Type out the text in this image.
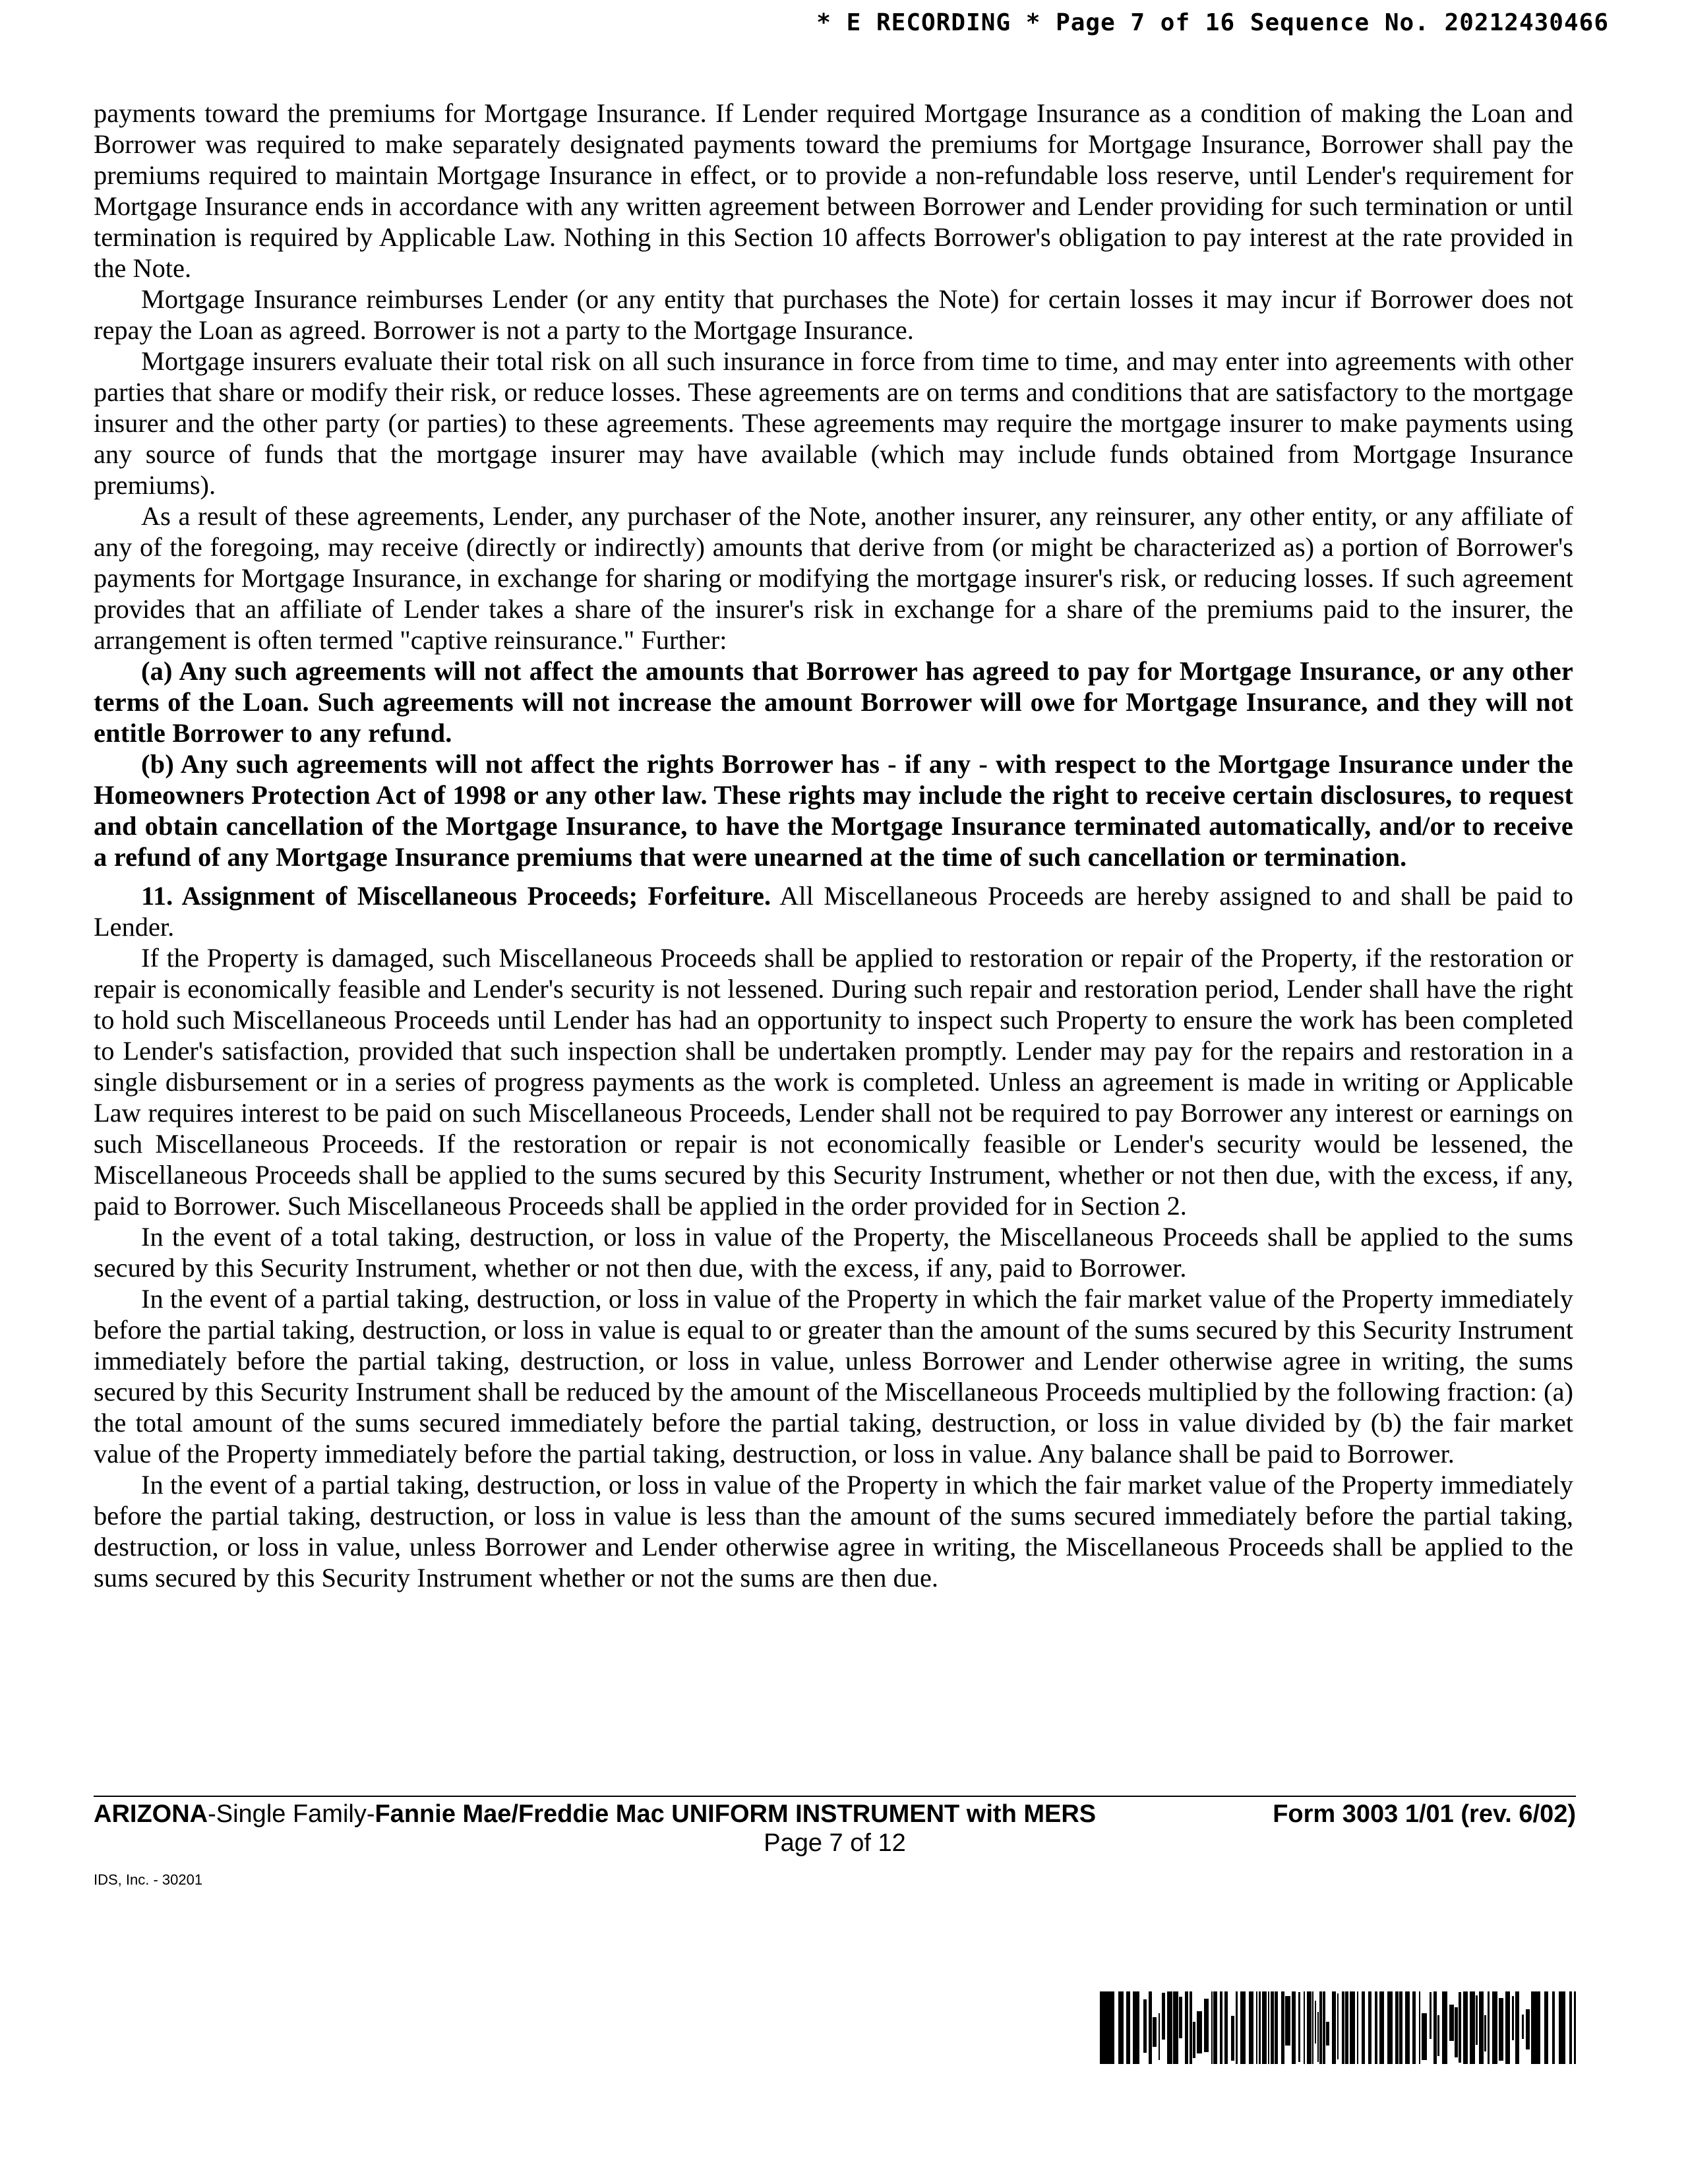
* E RECORDING * Page 7 of 16 Sequence No. 20212430466

payments toward the premiums for Mortgage Insurance. If Lender required Mortgage Insurance as a condition of making the Loan and Borrower was required to make separately designated payments toward the premiums for Mortgage Insurance, Borrower shall pay the premiums required to maintain Mortgage Insurance in effect, or to provide a non-refundable loss reserve, until Lender's requirement for Mortgage Insurance ends in accordance with any written agreement between Borrower and Lender providing for such termination or until termination is required by Applicable Law. Nothing in this Section 10 affects Borrower's obligation to pay interest at the rate provided in the Note.

Mortgage Insurance reimburses Lender (or any entity that purchases the Note) for certain losses it may incur if Borrower does not repay the Loan as agreed. Borrower is not a party to the Mortgage Insurance.

Mortgage insurers evaluate their total risk on all such insurance in force from time to time, and may enter into agreements with other parties that share or modify their risk, or reduce losses. These agreements are on terms and conditions that are satisfactory to the mortgage insurer and the other party (or parties) to these agreements. These agreements may require the mortgage insurer to make payments using any source of funds that the mortgage insurer may have available (which may include funds obtained from Mortgage Insurance premiums).

As a result of these agreements, Lender, any purchaser of the Note, another insurer, any reinsurer, any other entity, or any affiliate of any of the foregoing, may receive (directly or indirectly) amounts that derive from (or might be characterized as) a portion of Borrower's payments for Mortgage Insurance, in exchange for sharing or modifying the mortgage insurer's risk, or reducing losses. If such agreement provides that an affiliate of Lender takes a share of the insurer's risk in exchange for a share of the premiums paid to the insurer, the arrangement is often termed "captive reinsurance." Further:

(a) Any such agreements will not affect the amounts that Borrower has agreed to pay for Mortgage Insurance, or any other terms of the Loan. Such agreements will not increase the amount Borrower will owe for Mortgage Insurance, and they will not entitle Borrower to any refund.

(b) Any such agreements will not affect the rights Borrower has - if any - with respect to the Mortgage Insurance under the Homeowners Protection Act of 1998 or any other law. These rights may include the right to receive certain disclosures, to request and obtain cancellation of the Mortgage Insurance, to have the Mortgage Insurance terminated automatically, and/or to receive a refund of any Mortgage Insurance premiums that were unearned at the time of such cancellation or termination.

11. Assignment of Miscellaneous Proceeds; Forfeiture. All Miscellaneous Proceeds are hereby assigned to and shall be paid to Lender.

If the Property is damaged, such Miscellaneous Proceeds shall be applied to restoration or repair of the Property, if the restoration or repair is economically feasible and Lender's security is not lessened. During such repair and restoration period, Lender shall have the right to hold such Miscellaneous Proceeds until Lender has had an opportunity to inspect such Property to ensure the work has been completed to Lender's satisfaction, provided that such inspection shall be undertaken promptly. Lender may pay for the repairs and restoration in a single disbursement or in a series of progress payments as the work is completed. Unless an agreement is made in writing or Applicable Law requires interest to be paid on such Miscellaneous Proceeds, Lender shall not be required to pay Borrower any interest or earnings on such Miscellaneous Proceeds. If the restoration or repair is not economically feasible or Lender's security would be lessened, the Miscellaneous Proceeds shall be applied to the sums secured by this Security Instrument, whether or not then due, with the excess, if any, paid to Borrower. Such Miscellaneous Proceeds shall be applied in the order provided for in Section 2.

In the event of a total taking, destruction, or loss in value of the Property, the Miscellaneous Proceeds shall be applied to the sums secured by this Security Instrument, whether or not then due, with the excess, if any, paid to Borrower.

In the event of a partial taking, destruction, or loss in value of the Property in which the fair market value of the Property immediately before the partial taking, destruction, or loss in value is equal to or greater than the amount of the sums secured by this Security Instrument immediately before the partial taking, destruction, or loss in value, unless Borrower and Lender otherwise agree in writing, the sums secured by this Security Instrument shall be reduced by the amount of the Miscellaneous Proceeds multiplied by the following fraction: (a) the total amount of the sums secured immediately before the partial taking, destruction, or loss in value divided by (b) the fair market value of the Property immediately before the partial taking, destruction, or loss in value. Any balance shall be paid to Borrower.

In the event of a partial taking, destruction, or loss in value of the Property in which the fair market value of the Property immediately before the partial taking, destruction, or loss in value is less than the amount of the sums secured immediately before the partial taking, destruction, or loss in value, unless Borrower and Lender otherwise agree in writing, the Miscellaneous Proceeds shall be applied to the sums secured by this Security Instrument whether or not the sums are then due.

ARIZONA-Single Family-Fannie Mae/Freddie Mac UNIFORM INSTRUMENT with MERS	Form 3003 1/01 (rev. 6/02)
Page 7 of 12
IDS, Inc. - 30201
